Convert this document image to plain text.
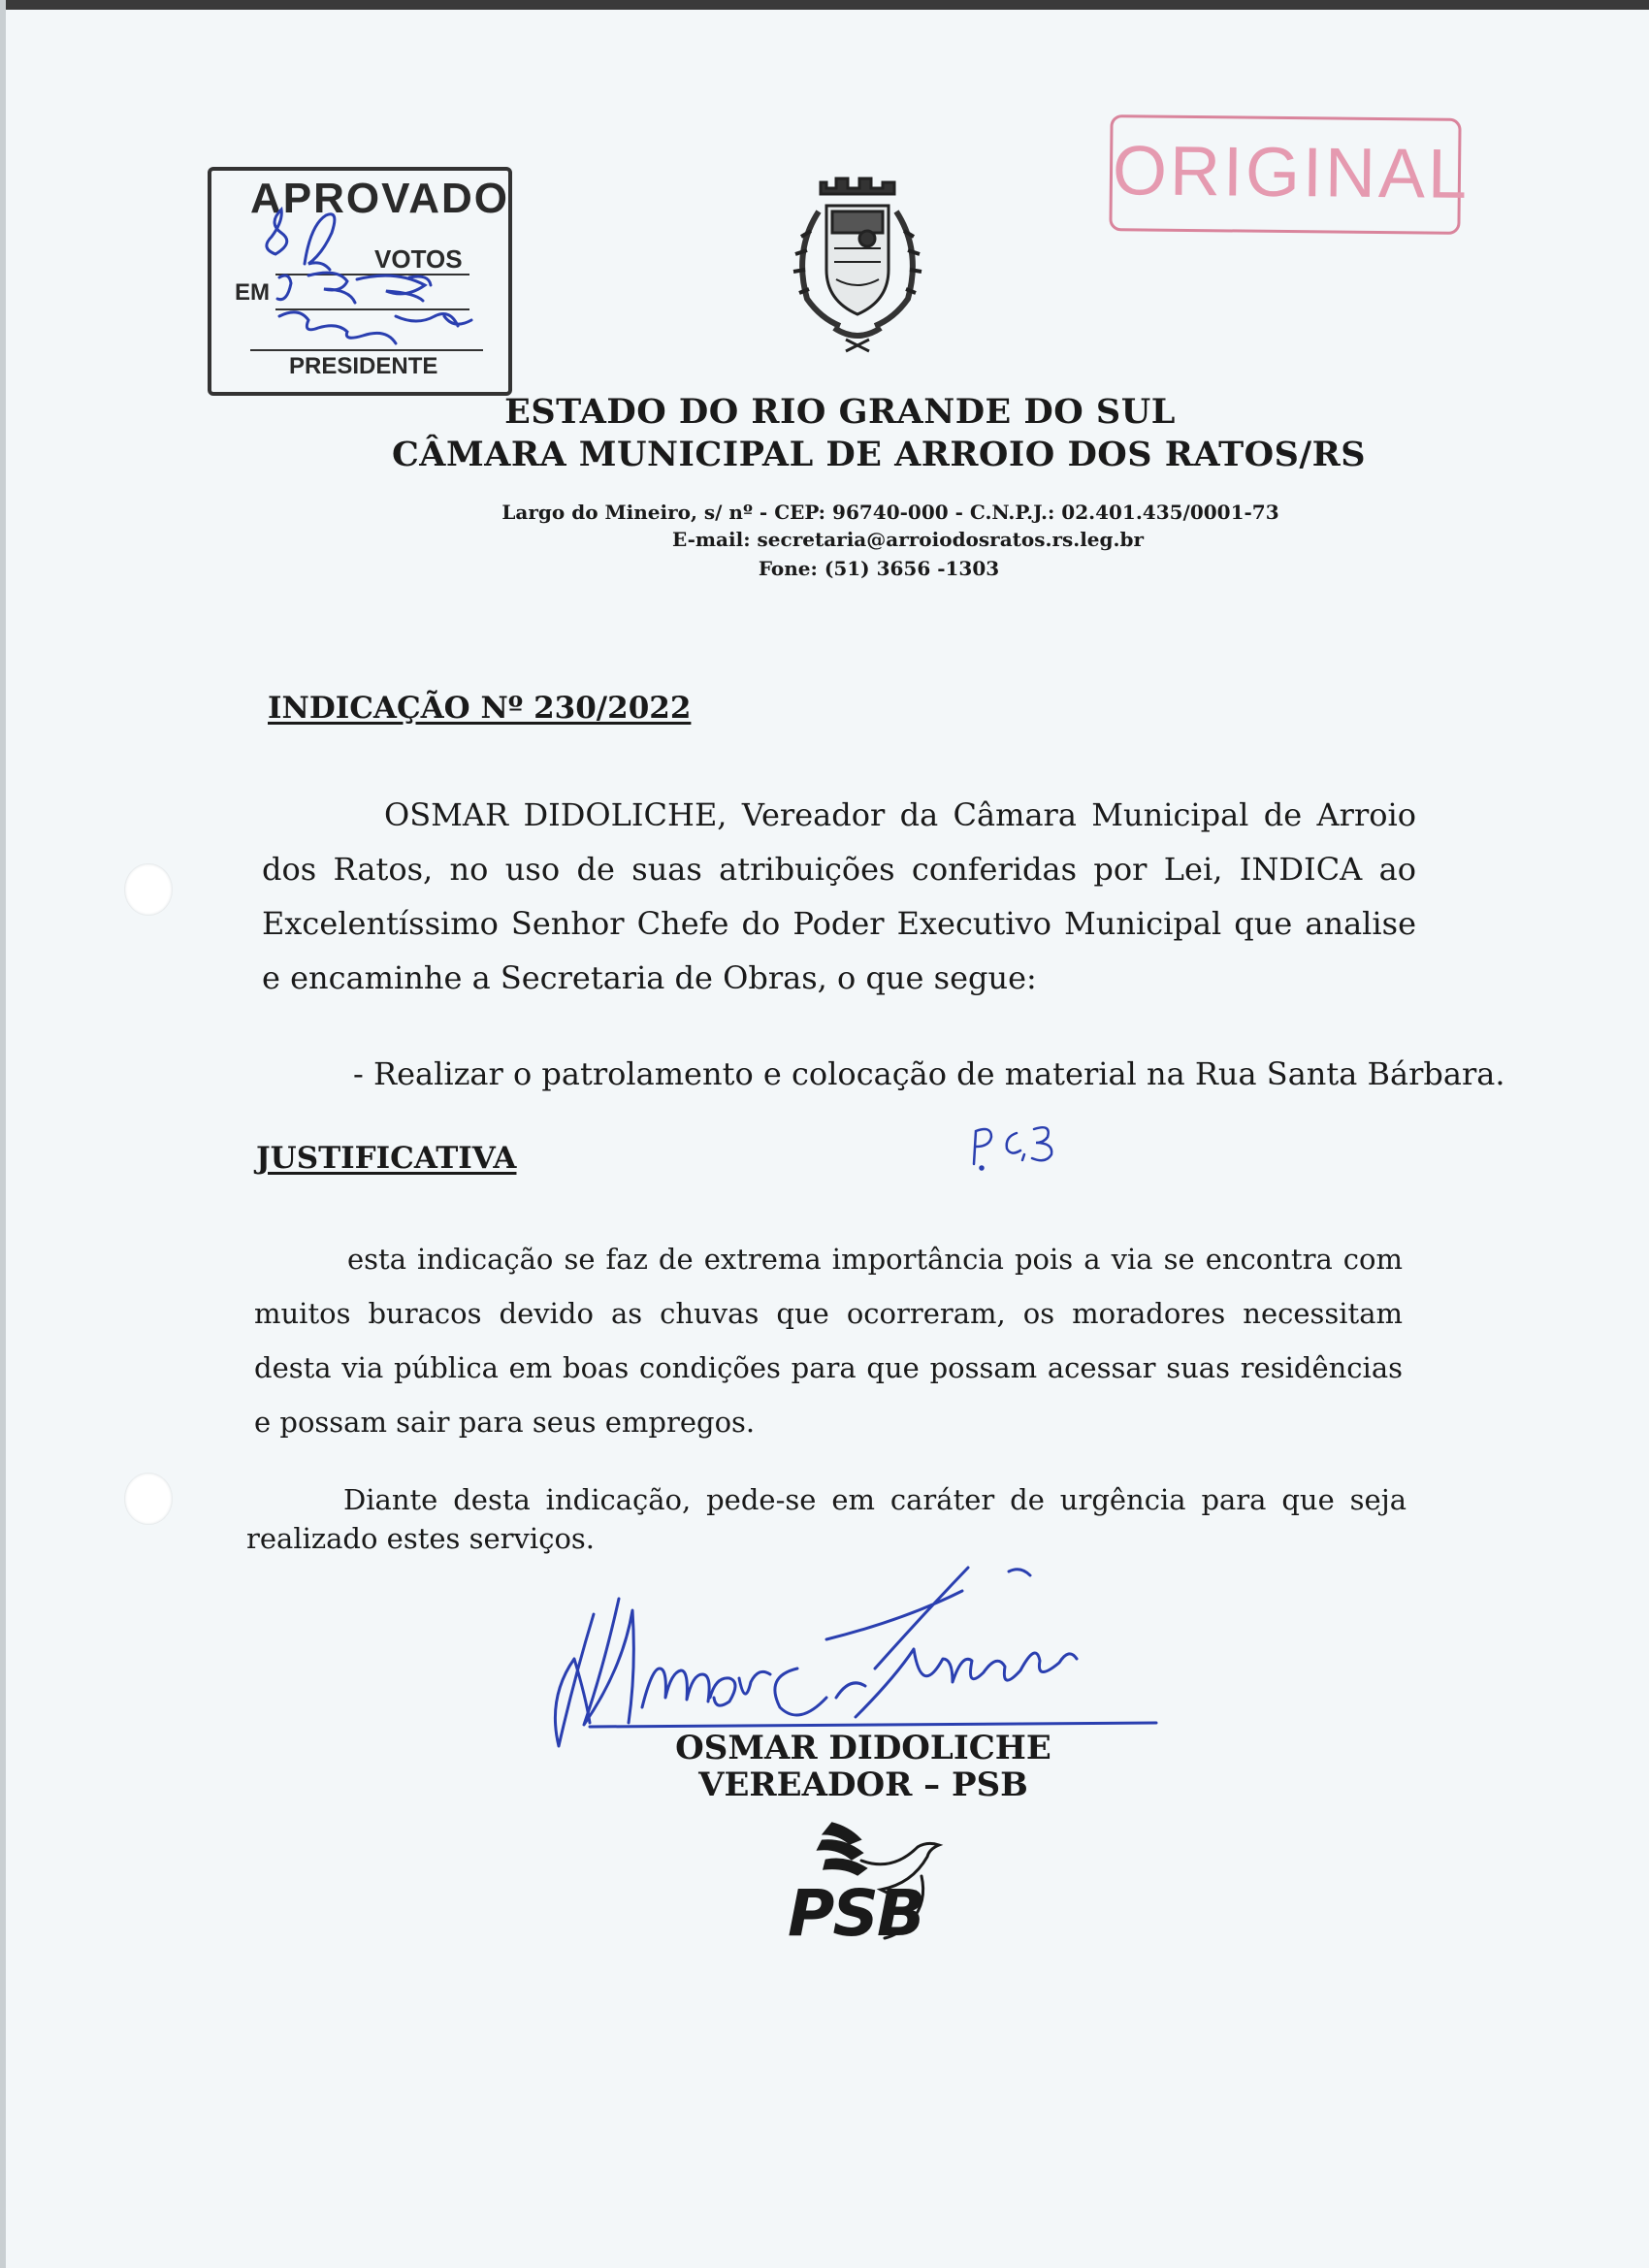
APROVADO
VOTOS
EM
PRESIDENTE
ORIGINAL
ESTADO DO RIO GRANDE DO SUL
CÂMARA MUNICIPAL DE ARROIO DOS RATOS/RS
Largo do Mineiro, s/ nº - CEP: 96740-000 - C.N.P.J.: 02.401.435/0001-73
E-mail: secretaria@arroiodosratos.rs.leg.br
Fone: (51) 3656 -1303
INDICAÇÃO Nº 230/2022
OSMAR DIDOLICHE, Vereador da Câmara Municipal de Arroio dos Ratos, no uso de suas atribuições conferidas por Lei, INDICA ao Excelentíssimo Senhor Chefe do Poder Executivo Municipal que analise e encaminhe a Secretaria de Obras, o que segue:
- Realizar o patrolamento e colocação de material na Rua Santa Bárbara.
JUSTIFICATIVA
esta indicação se faz de extrema importância pois a via se encontra com muitos buracos devido as chuvas que ocorreram, os moradores necessitam desta via pública em boas condições para que possam acessar suas residências e possam sair para seus empregos.
Diante desta indicação, pede-se em caráter de urgência para que seja realizado estes serviços.
OSMAR DIDOLICHE
VEREADOR – PSB
PSB
